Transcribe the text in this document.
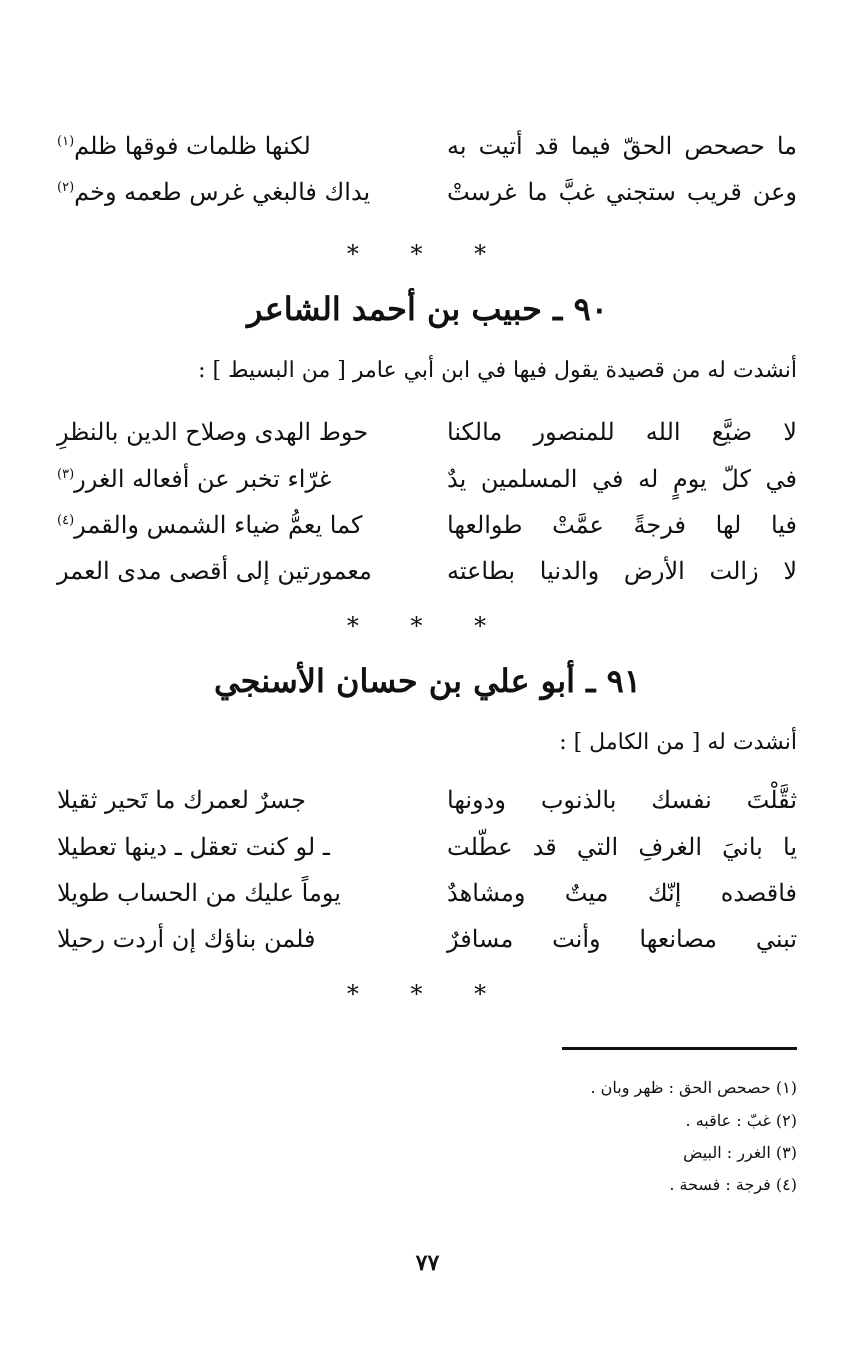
ما حصحص الحقّ فيما قد أتيت به
لكنها ظلمات فوقها ظلم$^{(١)}$
وعن قريب ستجني غبَّ ما غرستْ
يداك فالبغي غرس طعمه وخم$^{(٢)}$
* * *
٩٠ ـ حبيب بن أحمد الشاعر
أنشدت له من قصيدة يقول فيها في ابن أبي عامر [ من البسيط ] :
لا ضيَّع الله للمنصور مالكنا
حوط الهدى وصلاح الدين بالنظرِ
في كلّ يومٍ له في المسلمين يدٌ
غرّاء تخبر عن أفعاله الغرر$^{(٣)}$
فيا لها فرجةً عمَّتْ طوالعها
كما يعمُّ ضياء الشمس والقمر$^{(٤)}$
لا زالت الأرض والدنيا بطاعته
معمورتين إلى أقصى مدى العمر
* * *
٩١ ـ أبو علي بن حسان الأسنجي
أنشدت له [ من الكامل ] :
ثقَّلْتَ نفسك بالذنوب ودونها
جسرٌ لعمرك ما تَحير ثقيلا
يا بانيَ الغرفِ التي قد عطّلت
ـ لو كنت تعقل ـ دينها تعطيلا
فاقصده إنّك ميتٌ ومشاهدٌ
يوماً عليك من الحساب طويلا
تبني مصانعها وأنت مسافرٌ
فلمن بناؤك إن أردت رحيلا
* * *
(١) حصحص الحق : ظهر وبان .
(٢) غبّ : عاقبه .
(٣) الغرر : البيض
(٤) فرجة : فسحة .
٧٧
